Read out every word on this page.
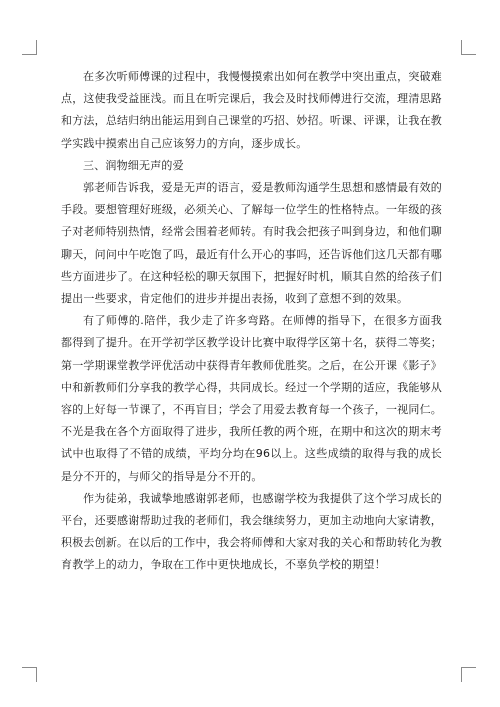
在多次听师傅课的过程中，我慢慢摸索出如何在教学中突出重点，突破难点，这使我受益匪浅。而且在听完课后，我会及时找师傅进行交流，理清思路和方法，总结归纳出能运用到自己课堂的巧招、妙招。听课、评课，让我在教学实践中摸索出自己应该努力的方向，逐步成长。

三、润物细无声的爱

郭老师告诉我，爱是无声的语言，爱是教师沟通学生思想和感情最有效的手段。要想管理好班级，必须关心、了解每一位学生的性格特点。一年级的孩子对老师特别热情，经常会围着老师转。有时我会把孩子叫到身边，和他们聊聊天，问问中午吃饱了吗，最近有什么开心的事吗，还告诉他们这几天都有哪些方面进步了。在这种轻松的聊天氛围下，把握好时机，顺其自然的给孩子们提出一些要求，肯定他们的进步并提出表扬，收到了意想不到的效果。

有了师傅的.陪伴，我少走了许多弯路。在师傅的指导下，在很多方面我都得到了提升。在开学初学区教学设计比赛中取得学区第十名，获得二等奖；第一学期课堂教学评优活动中获得青年教师优胜奖。之后，在公开课《影子》中和新教师们分享我的教学心得，共同成长。经过一个学期的适应，我能够从容的上好每一节课了，不再盲目；学会了用爱去教育每一个孩子，一视同仁。不光是我在各个方面取得了进步，我所任教的两个班，在期中和这次的期末考试中也取得了不错的成绩，平均分均在96以上。这些成绩的取得与我的成长是分不开的，与师父的指导是分不开的。

作为徒弟，我诚挚地感谢郭老师，也感谢学校为我提供了这个学习成长的平台，还要感谢帮助过我的老师们，我会继续努力，更加主动地向大家请教，积极去创新。在以后的工作中，我会将师傅和大家对我的关心和帮助转化为教育教学上的动力，争取在工作中更快地成长，不辜负学校的期望！
